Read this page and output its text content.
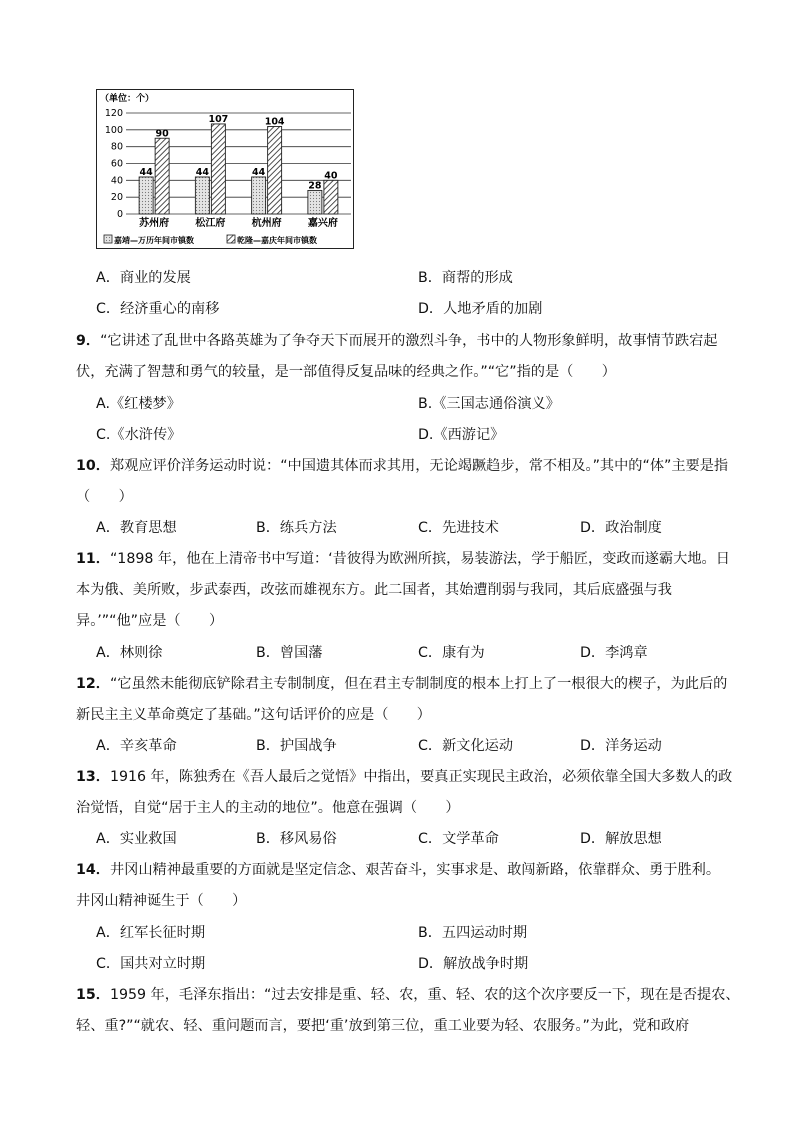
（单位：个）
0
20
40
60
80
100
120
44
90
44
107
44
104
28
40
苏州府	松江府	杭州府	嘉兴府
嘉靖—万历年间市镇数	乾隆—嘉庆年间市镇数
A．商业的发展	B．商帮的形成
C．经济重心的南移	D．人地矛盾的加剧
9．“它讲述了乱世中各路英雄为了争夺天下而展开的激烈斗争，书中的人物形象鲜明，故事情节跌宕起
伏，充满了智慧和勇气的较量，是一部值得反复品味的经典之作。”“它”指的是（　　）
A.《红楼梦》	B.《三国志通俗演义》
C.《水浒传》	D.《西游记》
10．郑观应评价洋务运动时说：“中国遗其体而求其用，无论竭蹶趋步，常不相及。”其中的“体”主要是指
（　　）
A．教育思想	B．练兵方法	C．先进技术	D．政治制度
11．“1898 年，他在上清帝书中写道：‘昔彼得为欧洲所摈，易装游法，学于船匠，变政而遂霸大地。日
本为俄、美所败，步武泰西，改弦而雄视东方。此二国者，其始遭削弱与我同，其后底盛强与我
异。’”“他”应是（　　）
A．林则徐	B．曾国藩	C．康有为	D．李鸿章
12．“它虽然未能彻底铲除君主专制制度，但在君主专制制度的根本上打上了一根很大的楔子，为此后的
新民主主义革命奠定了基础。”这句话评价的应是（　　）
A．辛亥革命	B．护国战争	C．新文化运动	D．洋务运动
13．1916 年，陈独秀在《吾人最后之觉悟》中指出，要真正实现民主政治，必须依靠全国大多数人的政
治觉悟，自觉“居于主人的主动的地位”。他意在强调（　　）
A．实业救国	B．移风易俗	C．文学革命	D．解放思想
14．井冈山精神最重要的方面就是坚定信念、艰苦奋斗，实事求是、敢闯新路，依靠群众、勇于胜利。
井冈山精神诞生于（　　）
A．红军长征时期	B．五四运动时期
C．国共对立时期	D．解放战争时期
15．1959 年，毛泽东指出：“过去安排是重、轻、农，重、轻、农的这个次序要反一下，现在是否提农、
轻、重?”“就农、轻、重问题而言，要把‘重’放到第三位，重工业要为轻、农服务。”为此，党和政府
